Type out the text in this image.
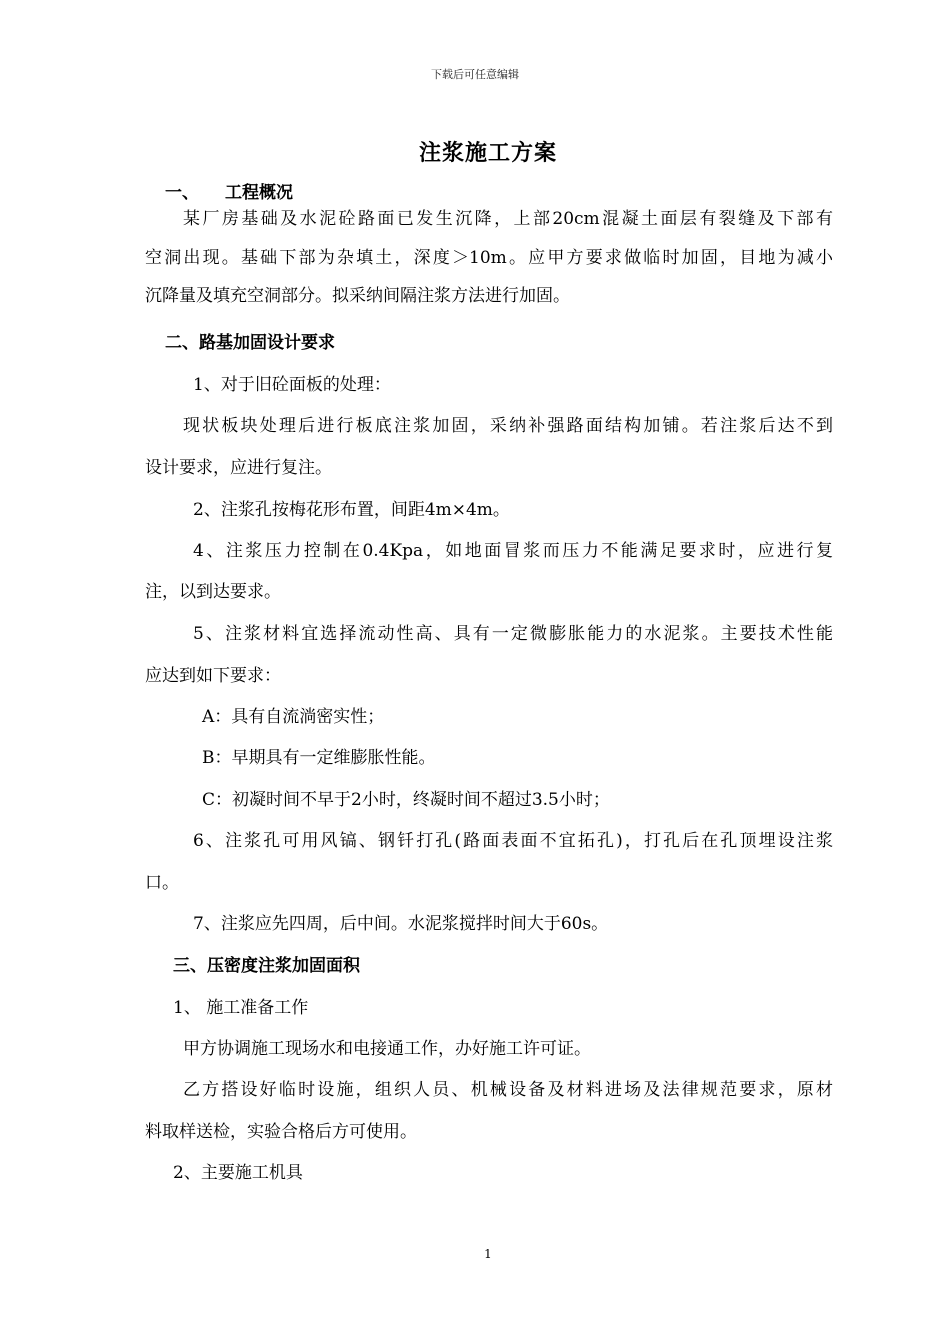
下载后可任意编辑
注浆施工方案
一、 工程概况
某厂房基础及水泥砼路面已发生沉降，上部20cm混凝土面层有裂缝及下部有
空洞出现。基础下部为杂填土，深度＞10m。应甲方要求做临时加固，目地为减小
沉降量及填充空洞部分。拟采纳间隔注浆方法进行加固。
二、路基加固设计要求
1、对于旧砼面板的处理：
现状板块处理后进行板底注浆加固，采纳补强路面结构加铺。若注浆后达不到
设计要求，应进行复注。
2、注浆孔按梅花形布置，间距4m×4m。
4、注浆压力控制在0.4Kpa，如地面冒浆而压力不能满足要求时，应进行复
注，以到达要求。
5、注浆材料宜选择流动性高、具有一定微膨胀能力的水泥浆。主要技术性能
应达到如下要求：
A：具有自流淌密实性；
B：早期具有一定维膨胀性能。
C：初凝时间不早于2小时，终凝时间不超过3.5小时；
6、注浆孔可用风镐、钢钎打孔(路面表面不宜拓孔)，打孔后在孔顶埋设注浆
口。
7、注浆应先四周，后中间。水泥浆搅拌时间大于60s。
三、压密度注浆加固面积
1、 施工准备工作
甲方协调施工现场水和电接通工作，办好施工许可证。
乙方搭设好临时设施，组织人员、机械设备及材料进场及法律规范要求，原材
料取样送检，实验合格后方可使用。
2、主要施工机具
1
